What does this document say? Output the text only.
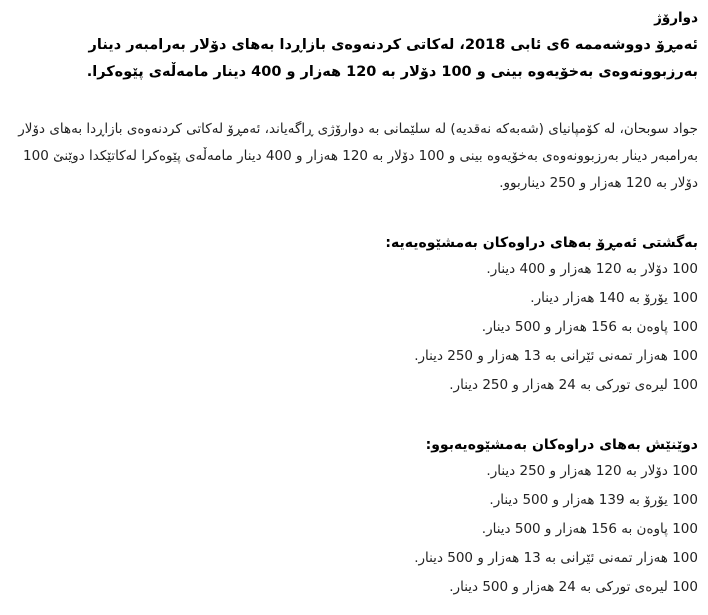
دوارۆژ

ئەمڕۆ دووشەممە 6ی ئابی 2018، لەکاتی کردنەوەی بازاڕدا بەهای دۆلار بەرامبەر دینار بەرزبوونەوەی بەخۆیەوە بینی و 100 دۆلار بە 120 هەزار و 400 دینار مامەڵەی پێوەکرا.

جواد سوبحان، لە کۆمپانیای (شەبەکە نەقدیە) لە سلێمانی بە دوارۆژی ڕاگەیاند، ئەمڕۆ لەکاتی کردنەوەی بازاڕدا بەهای دۆلار بەرامبەر دینار بەرزبوونەوەی بەخۆیەوە بینی و 100 دۆلار بە 120 هەزار و 400 دینار مامەڵەی پێوەکرا لەکاتێکدا دوێنێ 100 دۆلار بە 120 هەزار و 250 دیناربوو.

بەگشتی ئەمڕۆ بەهای دراوەکان بەمشێوەیەیە:
100 دۆلار بە 120 هەزار و 400 دینار.
100 یۆرۆ بە 140 هەزار دینار.
100 پاوەن بە 156 هەزار و 500 دینار.
100 هەزار تمەنی ئێرانی بە 13 هەزار و 250 دینار.
100 لیرەی تورکی بە 24 هەزار و 250 دینار.
دوێنێش بەهای دراوەکان بەمشێوەیەبوو:
100 دۆلار بە 120 هەزار و 250 دینار.
100 یۆرۆ بە 139 هەزار و 500 دینار.
100 پاوەن بە 156 هەزار و 500 دینار.
100 هەزار تمەنی ئێرانی بە 13 هەزار و 500 دینار.
100 لیرەی تورکی بە 24 هەزار و 500 دینار.
